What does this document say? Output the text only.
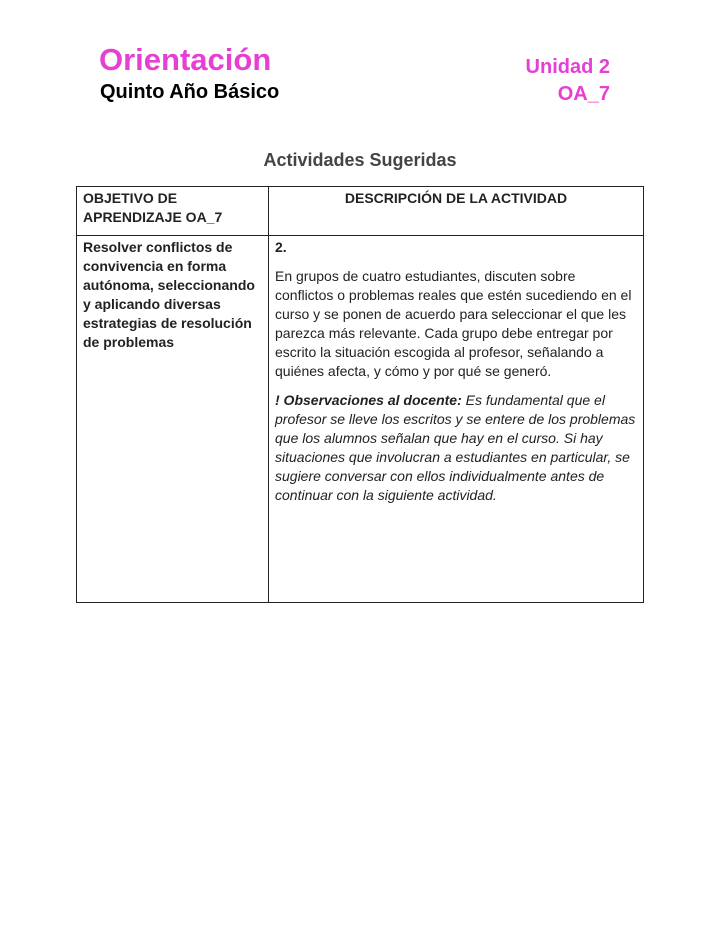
Orientación
Quinto Año Básico
Unidad 2
OA_7
Actividades Sugeridas
OBJETIVO DE APRENDIZAJE OA_7	DESCRIPCIÓN DE LA ACTIVIDAD
Resolver conflictos de convivencia en forma autónoma, seleccionando y aplicando diversas estrategias de resolución de problemas	2.

En grupos de cuatro estudiantes, discuten sobre conflictos o problemas reales que estén sucediendo en el curso y se ponen de acuerdo para seleccionar el que les parezca más relevante. Cada grupo debe entregar por escrito la situación escogida al profesor, señalando a quiénes afecta, y cómo y por qué se generó.

! Observaciones al docente: Es fundamental que el profesor se lleve los escritos y se entere de los problemas que los alumnos señalan que hay en el curso. Si hay situaciones que involucran a estudiantes en particular, se sugiere conversar con ellos individualmente antes de continuar con la siguiente actividad.
